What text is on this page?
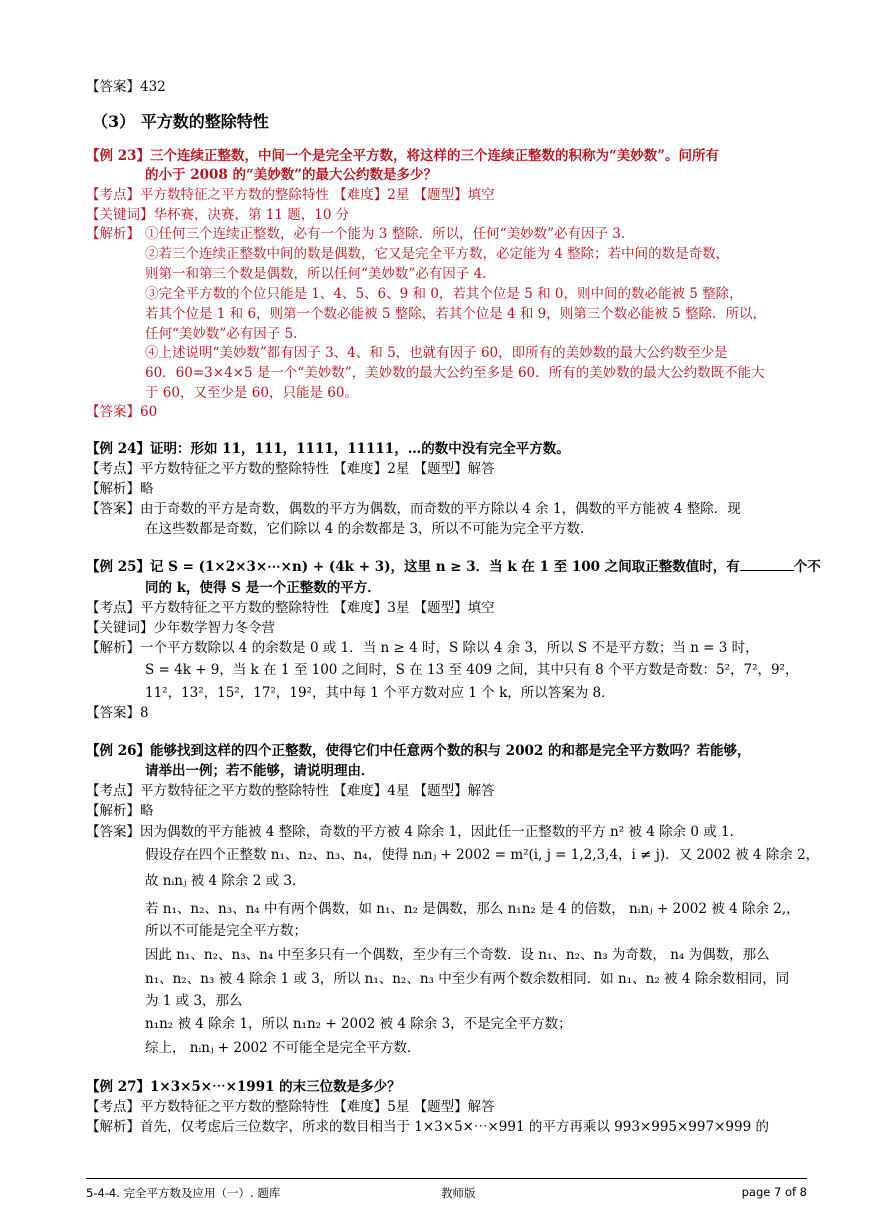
【答案】432
（3） 平方数的整除特性
【例 23】三个连续正整数，中间一个是完全平方数，将这样的三个连续正整数的积称为“美妙数”。问所有
的小于 2008 的“美妙数”的最大公约数是多少？
【考点】平方数特征之平方数的整除特性 【难度】2星 【题型】填空
【关键词】华杯赛，决赛，第 11 题，10 分
【解析】 ①任何三个连续正整数，必有一个能为 3 整除．所以，任何“美妙数”必有因子 3.
②若三个连续正整数中间的数是偶数，它又是完全平方数，必定能为 4 整除；若中间的数是奇数，
则第一和第三个数是偶数，所以任何“美妙数”必有因子 4.
③完全平方数的个位只能是 1、4、5、6、9 和 0，若其个位是 5 和 0，则中间的数必能被 5 整除，
若其个位是 1 和 6，则第一个数必能被 5 整除，若其个位是 4 和 9，则第三个数必能被 5 整除．所以，
任何“美妙数”必有因子 5.
④上述说明“美妙数”都有因子 3、4、和 5，也就有因子 60，即所有的美妙数的最大公约数至少是
60．60=3×4×5 是一个“美妙数”，美妙数的最大公约至多是 60．所有的美妙数的最大公约数既不能大
于 60，又至少是 60，只能是 60。
【答案】60
【例 24】证明：形如 11，111，1111，11111，…的数中没有完全平方数。
【考点】平方数特征之平方数的整除特性 【难度】2星 【题型】解答
【解析】略
【答案】由于奇数的平方是奇数，偶数的平方为偶数，而奇数的平方除以 4 余 1，偶数的平方能被 4 整除．现
在这些数都是奇数，它们除以 4 的余数都是 3，所以不可能为完全平方数．
【例 25】记 S = (1×2×3×⋯×n) + (4k + 3)，这里 n ≥ 3．当 k 在 1 至 100 之间取正整数值时，有	个不
同的 k，使得 S 是一个正整数的平方．
【考点】平方数特征之平方数的整除特性 【难度】3星 【题型】填空
【关键词】少年数学智力冬令营
【解析】一个平方数除以 4 的余数是 0 或 1．当 n ≥ 4 时，S 除以 4 余 3，所以 S 不是平方数；当 n = 3 时，
S = 4k + 9，当 k 在 1 至 100 之间时，S 在 13 至 409 之间，其中只有 8 个平方数是奇数：5²，7²，9²，
11²，13²，15²，17²，19²，其中每 1 个平方数对应 1 个 k，所以答案为 8．
【答案】8
【例 26】能够找到这样的四个正整数，使得它们中任意两个数的积与 2002 的和都是完全平方数吗？若能够，
请举出一例；若不能够，请说明理由．
【考点】平方数特征之平方数的整除特性 【难度】4星 【题型】解答
【解析】略
【答案】因为偶数的平方能被 4 整除，奇数的平方被 4 除余 1，因此任一正整数的平方 n² 被 4 除余 0 或 1．
假设存在四个正整数 n₁、n₂、n₃、n₄，使得 nᵢnⱼ + 2002 = m²(i, j = 1,2,3,4，i ≠ j)．又 2002 被 4 除余 2，
故 nᵢnⱼ 被 4 除余 2 或 3．
若 n₁、n₂、n₃、n₄ 中有两个偶数，如 n₁、n₂ 是偶数，那么 n₁n₂ 是 4 的倍数， nᵢnⱼ + 2002 被 4 除余 2,，
所以不可能是完全平方数；
因此 n₁、n₂、n₃、n₄ 中至多只有一个偶数，至少有三个奇数．设 n₁、n₂、n₃ 为奇数， n₄ 为偶数，那么
n₁、n₂、n₃ 被 4 除余 1 或 3，所以 n₁、n₂、n₃ 中至少有两个数余数相同．如 n₁、n₂ 被 4 除余数相同，同
为 1 或 3，那么
n₁n₂ 被 4 除余 1，所以 n₁n₂ + 2002 被 4 除余 3，不是完全平方数；
综上， nᵢnⱼ + 2002 不可能全是完全平方数．
【例 27】1×3×5×⋯×1991 的末三位数是多少？
【考点】平方数特征之平方数的整除特性 【难度】5星 【题型】解答
【解析】首先，仅考虑后三位数字，所求的数目相当于 1×3×5×⋯×991 的平方再乘以 993×995×997×999 的
5-4-4. 完全平方数及应用（一）. 题库	教师版	page 7 of 8
